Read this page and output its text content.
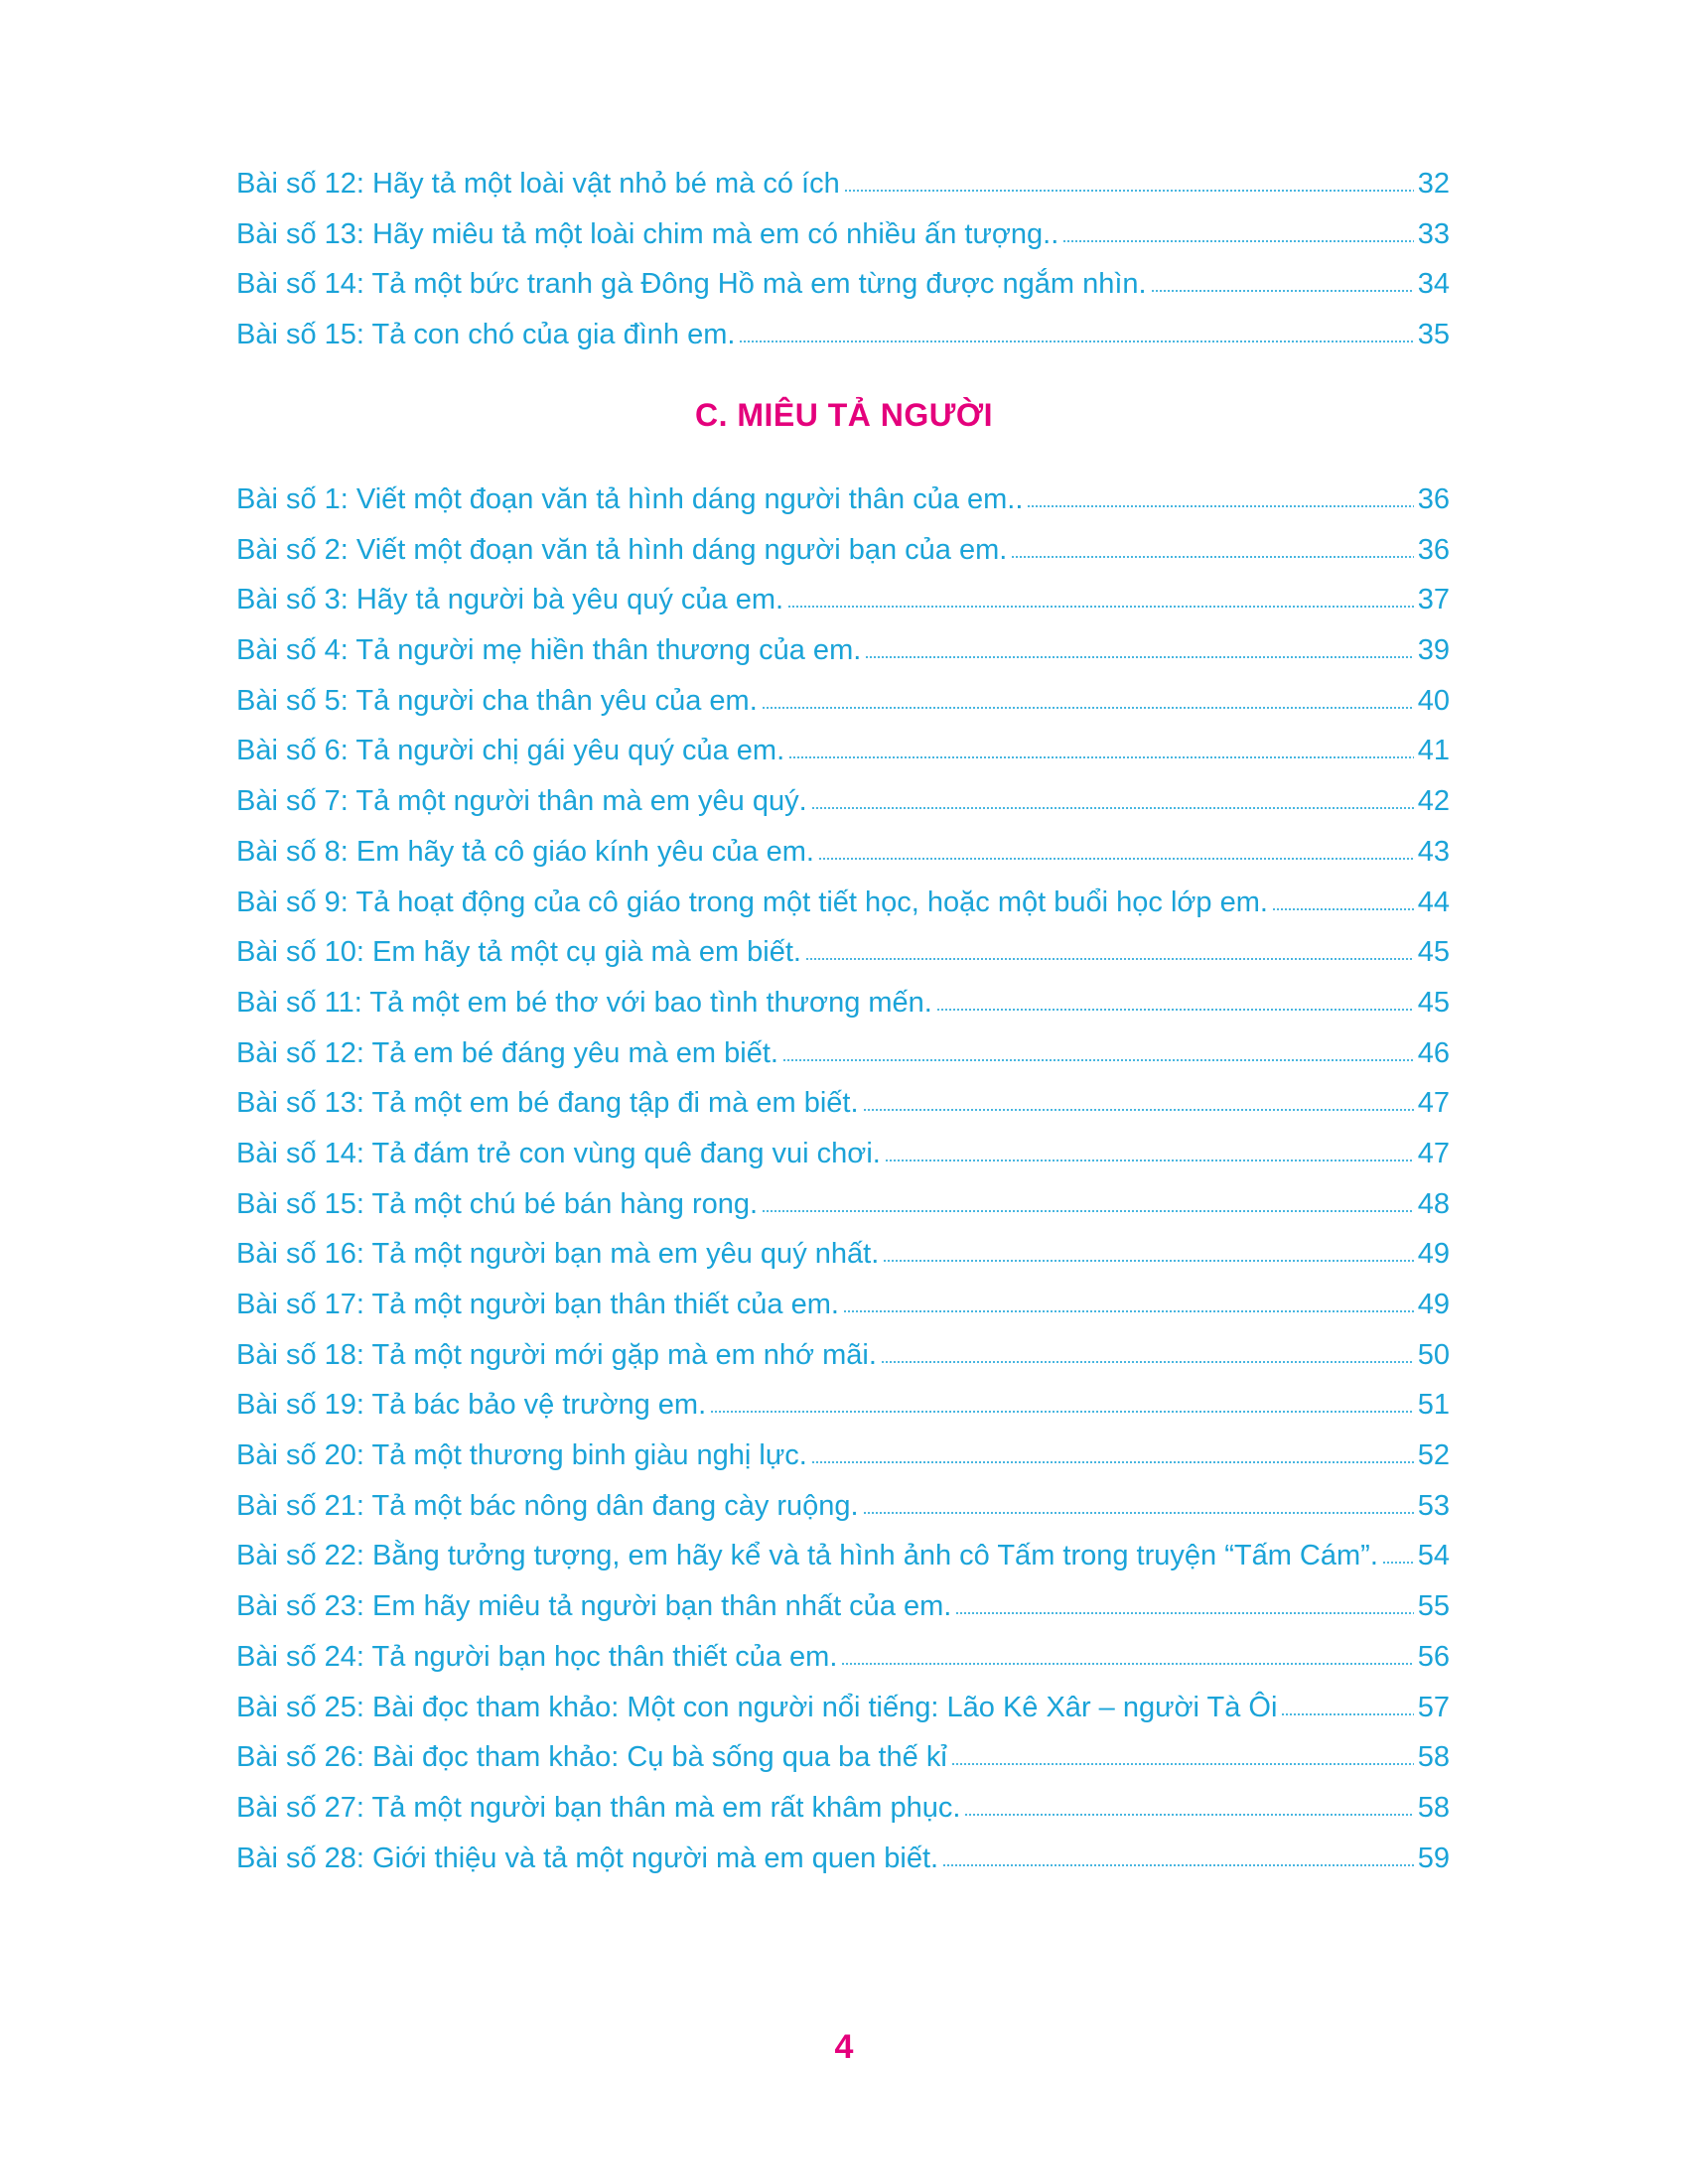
Bài số 12: Hãy tả một loài vật nhỏ bé mà có ích	32
Bài số 13: Hãy miêu tả một loài chim mà em có nhiều ấn tượng..	33
Bài số 14: Tả một bức tranh gà Đông Hồ mà em từng được ngắm nhìn.	34
Bài số 15: Tả con chó của gia đình em.	35
C. MIÊU TẢ NGƯỜI
Bài số 1: Viết một đoạn văn tả hình dáng người thân của em..	36
Bài số 2: Viết một đoạn văn tả hình dáng người bạn của em.	36
Bài số 3: Hãy tả người bà yêu quý của em.	37
Bài số 4: Tả người mẹ hiền thân thương của em.	39
Bài số 5: Tả người cha thân yêu của em.	40
Bài số 6: Tả người chị gái yêu quý của em.	41
Bài số 7: Tả một người thân mà em yêu quý.	42
Bài số 8: Em hãy tả cô giáo kính yêu của em.	43
Bài số 9: Tả hoạt động của cô giáo trong một tiết học, hoặc một buổi học lớp em.	44
Bài số 10: Em hãy tả một cụ già mà em biết.	45
Bài số 11: Tả một em bé thơ với bao tình thương mến.	45
Bài số 12: Tả em bé đáng yêu mà em biết.	46
Bài số 13: Tả một em bé đang tập đi mà em biết.	47
Bài số 14: Tả đám trẻ con vùng quê đang vui chơi.	47
Bài số 15: Tả một chú bé bán hàng rong.	48
Bài số 16: Tả một người bạn mà em yêu quý nhất.	49
Bài số 17: Tả một người bạn thân thiết của em.	49
Bài số 18: Tả một người mới gặp mà em nhớ mãi.	50
Bài số 19: Tả bác bảo vệ trường em.	51
Bài số 20: Tả một thương binh giàu nghị lực.	52
Bài số 21: Tả một bác nông dân đang cày ruộng.	53
Bài số 22: Bằng tưởng tượng, em hãy kể và tả hình ảnh cô Tấm trong truyện “Tấm Cám”. 54
Bài số 23: Em hãy miêu tả người bạn thân nhất của em.	55
Bài số 24: Tả người bạn học thân thiết của em.	56
Bài số 25: Bài đọc tham khảo: Một con người nổi tiếng: Lão Kê Xâr – người Tà Ôi	57
Bài số 26: Bài đọc tham khảo: Cụ bà sống qua ba thế kỉ	58
Bài số 27: Tả một người bạn thân mà em rất khâm phục.	58
Bài số 28: Giới thiệu và tả một người mà em quen biết.	59
4
